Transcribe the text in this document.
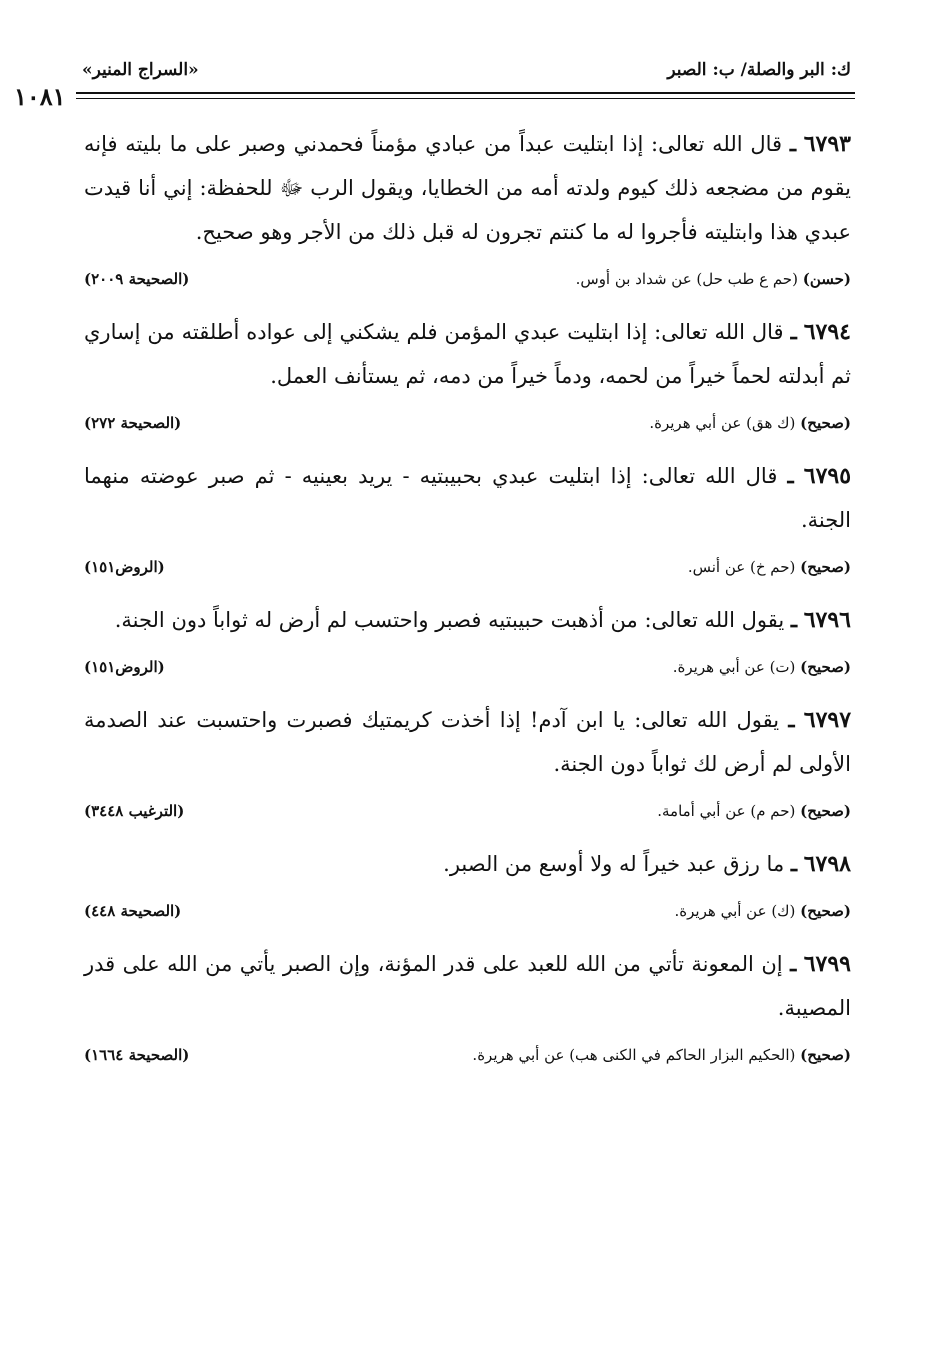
ك: البر والصلة/ ب: الصبر
«السراج المنير»
١٠٨١

٦٧٩٣ ـ قال الله تعالى: إذا ابتليت عبداً من عبادي مؤمناً فحمدني وصبر على ما بليته فإنه يقوم من مضجعه ذلك كيوم ولدته أمه من الخطايا، ويقول الرب ﷻ للحفظة: إني أنا قيدت عبدي هذا وابتليته فأجروا له ما كنتم تجرون له قبل ذلك من الأجر وهو صحيح.

(حسن) (حم ع طب حل) عن شداد بن أوس.
(الصحيحة ٢٠٠٩)

٦٧٩٤ ـ قال الله تعالى: إذا ابتليت عبدي المؤمن فلم يشكني إلى عواده أطلقته من إساري ثم أبدلته لحماً خيراً من لحمه، ودماً خيراً من دمه، ثم يستأنف العمل.

(صحيح) (ك هق) عن أبي هريرة.
(الصحيحة ٢٧٢)

٦٧٩٥ ـ قال الله تعالى: إذا ابتليت عبدي بحبيبتيه - يريد بعينيه - ثم صبر عوضته منهما الجنة.

(صحيح) (حم خ) عن أنس.
(الروض١٥١)

٦٧٩٦ ـ يقول الله تعالى: من أذهبت حبيبتيه فصبر واحتسب لم أرض له ثواباً دون الجنة.

(صحيح) (ت) عن أبي هريرة.
(الروض١٥١)

٦٧٩٧ ـ يقول الله تعالى: يا ابن آدم! إذا أخذت كريمتيك فصبرت واحتسبت عند الصدمة الأولى لم أرض لك ثواباً دون الجنة.

(صحيح) (حم م) عن أبي أمامة.
(الترغيب ٣٤٤٨)

٦٧٩٨ ـ ما رزق عبد خيراً له ولا أوسع من الصبر.

(صحيح) (ك) عن أبي هريرة.
(الصحيحة ٤٤٨)

٦٧٩٩ ـ إن المعونة تأتي من الله للعبد على قدر المؤنة، وإن الصبر يأتي من الله على قدر المصيبة.

(صحيح) (الحكيم البزار الحاكم في الكنى هب) عن أبي هريرة.
(الصحيحة ١٦٦٤)
